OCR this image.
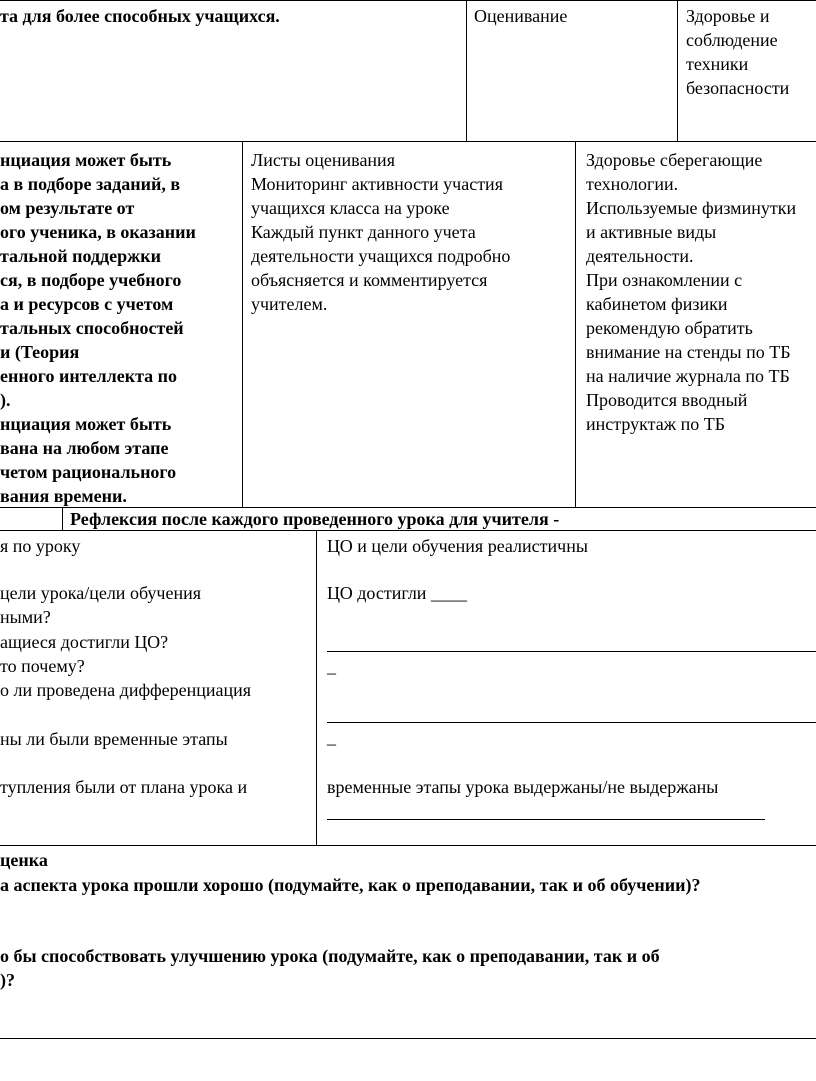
та для более способных учащихся.	Оценивание	Здоровье и
соблюдение
техники
безопасности
нциация может быть
а в подборе заданий, в
ом результате от
ого ученика, в оказании
тальной поддержки
ся, в подборе учебного
а и ресурсов с учетом
тальных способностей
и (Теория
енного интеллекта по
).
нциация может быть
вана на любом этапе
четом рационального
вания времени.
Листы оценивания
Мониторинг активности участия
учащихся класса на уроке
Каждый пункт данного учета
деятельности учащихся подробно
объясняется и комментируется
учителем.
Здоровье сберегающие
технологии.
Используемые физминутки
и активные виды
деятельности.
При ознакомлении с
кабинетом физики
рекомендую обратить
внимание на стенды по ТБ
на наличие журнала по ТБ
Проводится вводный
инструктаж по ТБ
Рефлексия после каждого проведенного урока для учителя -
я по уроку
цели урока/цели обучения
ными?
ащиеся достигли ЦО?
то почему?
о ли проведена дифференциация
ны ли были временные этапы
тупления были от плана урока и
ЦО и цели обучения реалистичны
ЦО достигли ____
_
_
временные этапы урока выдержаны/не выдержаны
ценка
а аспекта урока прошли хорошо (подумайте, как о преподавании, так и об обучении)?
о бы способствовать улучшению урока (подумайте, как о преподавании, так и об
)?
